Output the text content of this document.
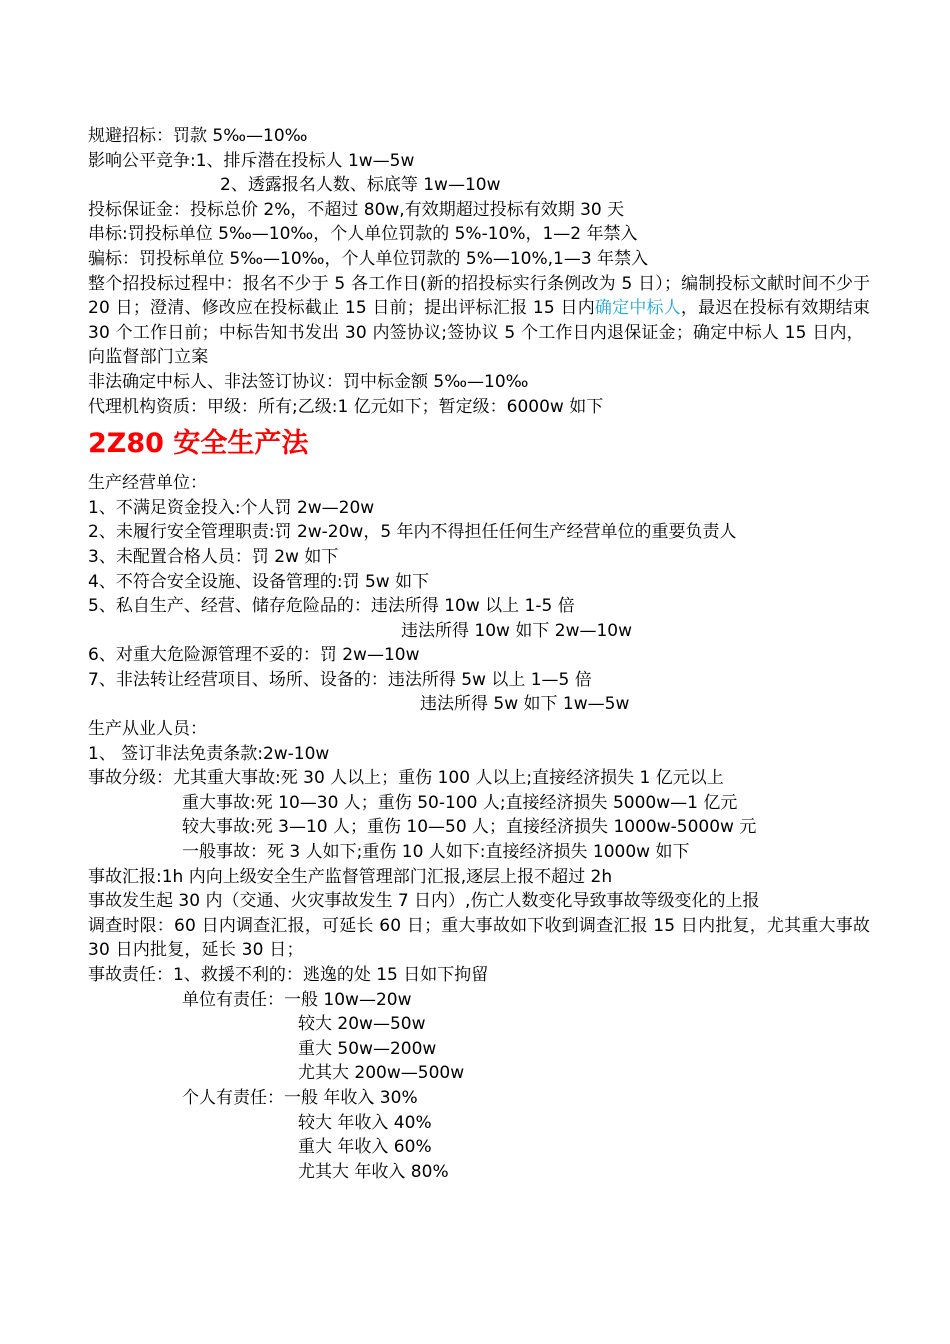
规避招标：罚款 5‰—10‰

影响公平竞争:1、排斥潜在投标人 1w—5w

2、透露报名人数、标底等 1w—10w

投标保证金：投标总价 2%，不超过 80w,有效期超过投标有效期 30 天

串标:罚投标单位 5‰—10‰，个人单位罚款的 5%-10%，1—2 年禁入

骗标：罚投标单位 5‰—10‰，个人单位罚款的 5%—10%,1—3 年禁入

整个招投标过程中：报名不少于 5 各工作日(新的招投标实行条例改为 5 日）；编制投标文献时间不少于 20 日；澄清、修改应在投标截止 15 日前；提出评标汇报 15 日内确定中标人，最迟在投标有效期结束 30 个工作日前；中标告知书发出 30 内签协议;签协议 5 个工作日内退保证金；确定中标人 15 日内，向监督部门立案

非法确定中标人、非法签订协议：罚中标金额 5‰—10‰

代理机构资质：甲级：所有;乙级:1 亿元如下；暂定级：6000w 如下

2Z80 安全生产法

生产经营单位：

1、不满足资金投入:个人罚 2w—20w

2、未履行安全管理职责:罚 2w-20w，5 年内不得担任任何生产经营单位的重要负责人

3、未配置合格人员：罚 2w 如下

4、不符合安全设施、设备管理的:罚 5w 如下

5、私自生产、经营、储存危险品的：违法所得 10w 以上 1-5 倍

违法所得 10w 如下 2w—10w

6、对重大危险源管理不妥的：罚 2w—10w

7、非法转让经营项目、场所、设备的：违法所得 5w 以上 1—5 倍

违法所得 5w 如下 1w—5w

生产从业人员：

1、 签订非法免责条款:2w-10w

事故分级：尤其重大事故:死 30 人以上；重伤 100 人以上;直接经济损失 1 亿元以上

重大事故:死 10—30 人；重伤 50-100 人;直接经济损失 5000w—1 亿元

较大事故:死 3—10 人；重伤 10—50 人；直接经济损失 1000w-5000w 元

一般事故：死 3 人如下;重伤 10 人如下:直接经济损失 1000w 如下

事故汇报:1h 内向上级安全生产监督管理部门汇报,逐层上报不超过 2h

事故发生起 30 内（交通、火灾事故发生 7 日内）,伤亡人数变化导致事故等级变化的上报

调查时限：60 日内调查汇报，可延长 60 日；重大事故如下收到调查汇报 15 日内批复，尤其重大事故 30 日内批复，延长 30 日；

事故责任：1、救援不利的：逃逸的处 15 日如下拘留

单位有责任：一般 10w—20w

较大 20w—50w

重大 50w—200w

尤其大 200w—500w

个人有责任：一般 年收入 30%

较大 年收入 40%

重大 年收入 60%

尤其大 年收入 80%
